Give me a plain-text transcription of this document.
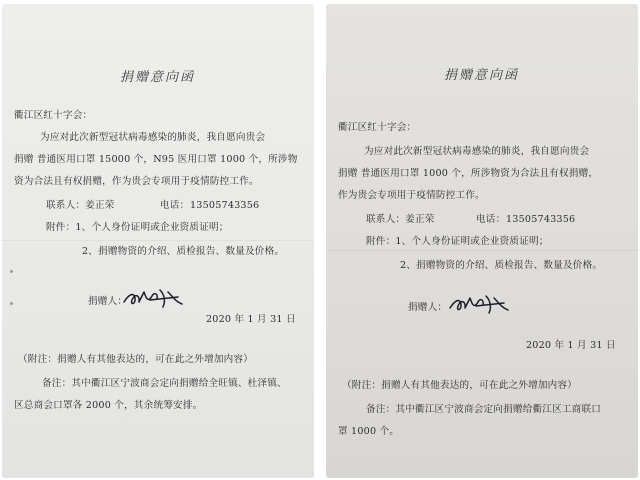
捐赠意向函
衢江区红十字会：
为应对此次新型冠状病毒感染的肺炎，我自愿向贵会
捐赠 普通医用口罩 15000 个，N95 医用口罩 1000 个，所涉物
资为合法且有权捐赠，作为贵会专项用于疫情防控工作。
联系人：姜正荣	电话： 13505743356
附件：1、个人身份证明或企业资质证明；
2、捐赠物资的介绍、质检报告、数量及价格。
捐赠人：
2020 年 1 月 31 日
（附注：捐赠人有其他表达的，可在此之外增加内容）
备注：其中衢江区宁波商会定向捐赠给全旺镇、杜泽镇、
区总商会口罩各 2000 个，其余统筹安排。
捐赠意向函
衢江区红十字会：
为应对此次新型冠状病毒感染的肺炎，我自愿向贵会
捐赠 普通医用口罩 1000 个，所涉物资为合法且有权捐赠，
作为贵会专项用于疫情防控工作。
联系人：姜正荣	电话： 13505743356
附件：1、个人身份证明或企业资质证明；
2、捐赠物资的介绍、质检报告、数量及价格。
捐赠人：
2020 年 1 月 31 日
（附注：捐赠人有其他表达的，可在此之外增加内容）
备注：其中衢江区宁波商会定向捐赠给衢江区工商联口
罩 1000 个。
